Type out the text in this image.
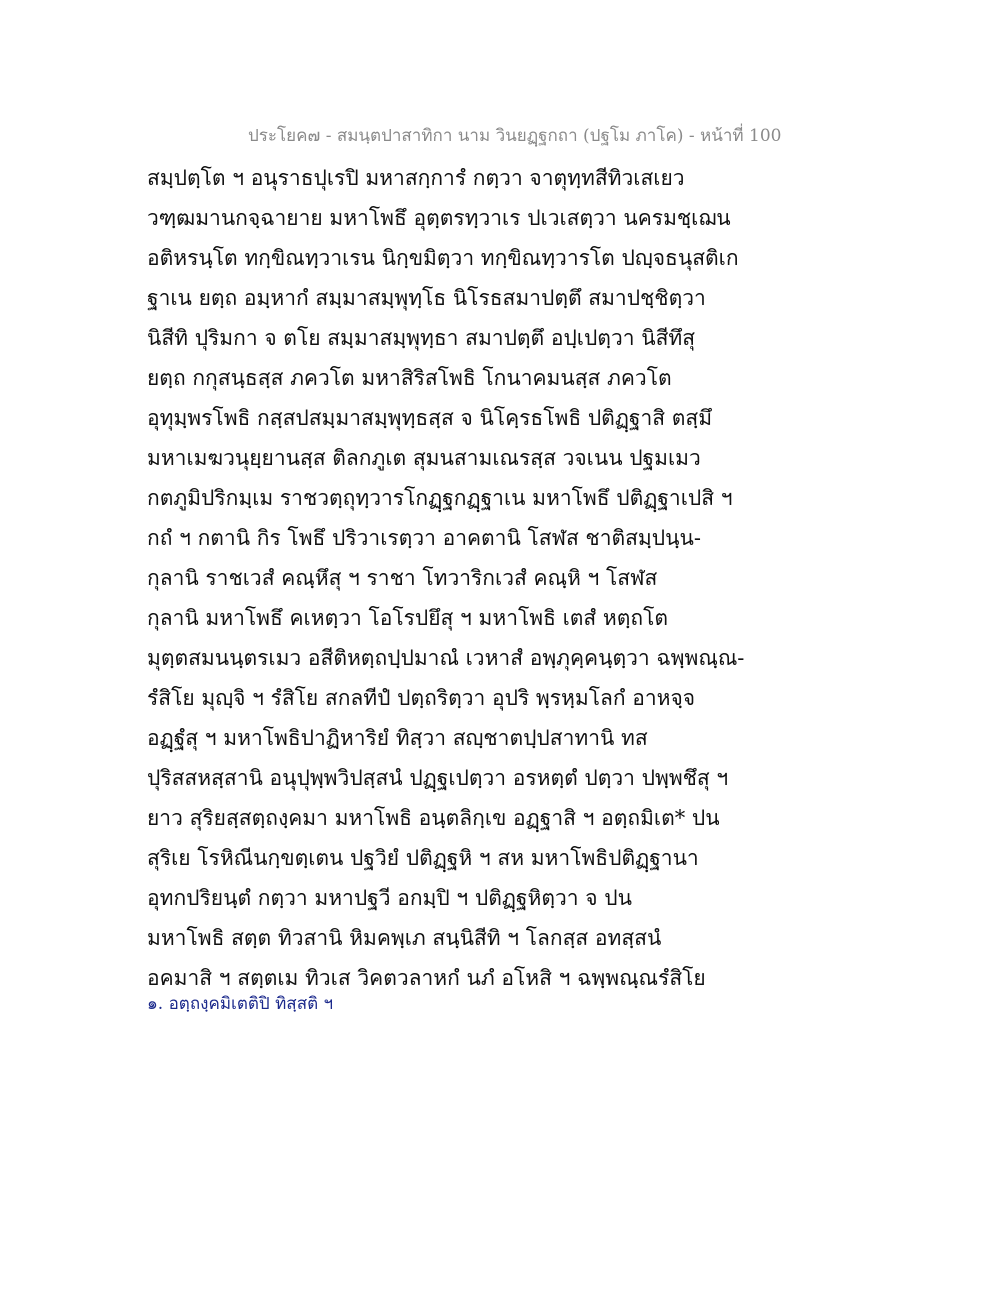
ประโยค๗ - สมนฺตปาสาทิกา นาม วินยฏฺฐกถา (ปฐโม ภาโค) - หน้าที่ 100
สมฺปตฺโต ฯ อนุราธปุเรปิ มหาสกฺการํ กตฺวา จาตุทฺทสีทิวเสเยว
วฑฺฒมานกจฺฉายาย มหาโพธึ อุตฺตรทฺวาเร ปเวเสตฺวา นครมชฺเฌน
อติหรนฺโต ทกฺขิณทฺวาเรน นิกฺขมิตฺวา ทกฺขิณทฺวารโต ปญฺจธนุสติเก
ฐาเน ยตฺถ อมฺหากํ สมฺมาสมฺพุทฺโธ นิโรธสมาปตฺตึ สมาปชฺชิตฺวา
นิสีทิ ปุริมกา จ ตโย สมฺมาสมฺพุทฺธา สมาปตฺตึ อปฺเปตฺวา นิสีทึสุ
ยตฺถ กกุสนฺธสฺส ภควโต มหาสิริสโพธิ โกนาคมนสฺส ภควโต
อุทุมฺพรโพธิ กสฺสปสมฺมาสมฺพุทฺธสฺส จ นิโคฺรธโพธิ ปติฏฺฐาสิ ตสฺมึ
มหาเมฆวนุยฺยานสฺส ติลกภูเต สุมนสามเณรสฺส วจเนน ปฐมเมว
กตภูมิปริกมฺเม ราชวตฺถุทฺวารโกฏฺฐกฏฺฐาเน มหาโพธึ ปติฏฺฐาเปสิ ฯ
กถํ ฯ กตานิ กิร โพธึ ปริวาเรตฺวา อาคตานิ โสฬส ชาติสมฺปนฺน-
กุลานิ ราชเวสํ คณฺหึสุ ฯ ราชา โทวาริกเวสํ คณฺหิ ฯ โสฬส
กุลานิ มหาโพธึ คเหตฺวา โอโรปยึสุ ฯ มหาโพธิ เตสํ หตฺถโต
มุตฺตสมนนฺตรเมว อสีติหตฺถปฺปมาณํ เวหาสํ อพฺภุคฺคนฺตฺวา ฉพฺพณฺณ-
รํสิโย มุญฺจิ ฯ รํสิโย สกลทีปํ ปตฺถริตฺวา อุปริ พฺรหฺมโลกํ อาหจฺจ
อฏฺฐํสุ ฯ มหาโพธิปาฏิหาริยํ ทิสฺวา สญฺชาตปฺปสาทานิ ทส
ปุริสสหสฺสานิ อนุปุพฺพวิปสฺสนํ ปฏฺฐเปตฺวา อรหตฺตํ ปตฺวา ปพฺพชึสุ ฯ
ยาว สุริยสฺสตฺถงฺคมา มหาโพธิ อนฺตลิกฺเข อฏฺฐาสิ ฯ อตฺถมิเต* ปน
สุริเย โรหิณีนกฺขตฺเตน ปฐวิยํ ปติฏฺฐหิ ฯ สห มหาโพธิปติฏฺฐานา
อุทกปริยนฺตํ กตฺวา มหาปฐวี อกมฺปิ ฯ ปติฏฺฐหิตฺวา จ ปน
มหาโพธิ สตฺต ทิวสานิ หิมคพฺเภ สนฺนิสีทิ ฯ โลกสฺส อทสฺสนํ
อคมาสิ ฯ สตฺตเม ทิวเส วิคตวลาหกํ นภํ อโหสิ ฯ ฉพฺพณฺณรํสิโย
๑. อตฺถงฺคมิเตติปิ ทิสฺสติ ฯ
